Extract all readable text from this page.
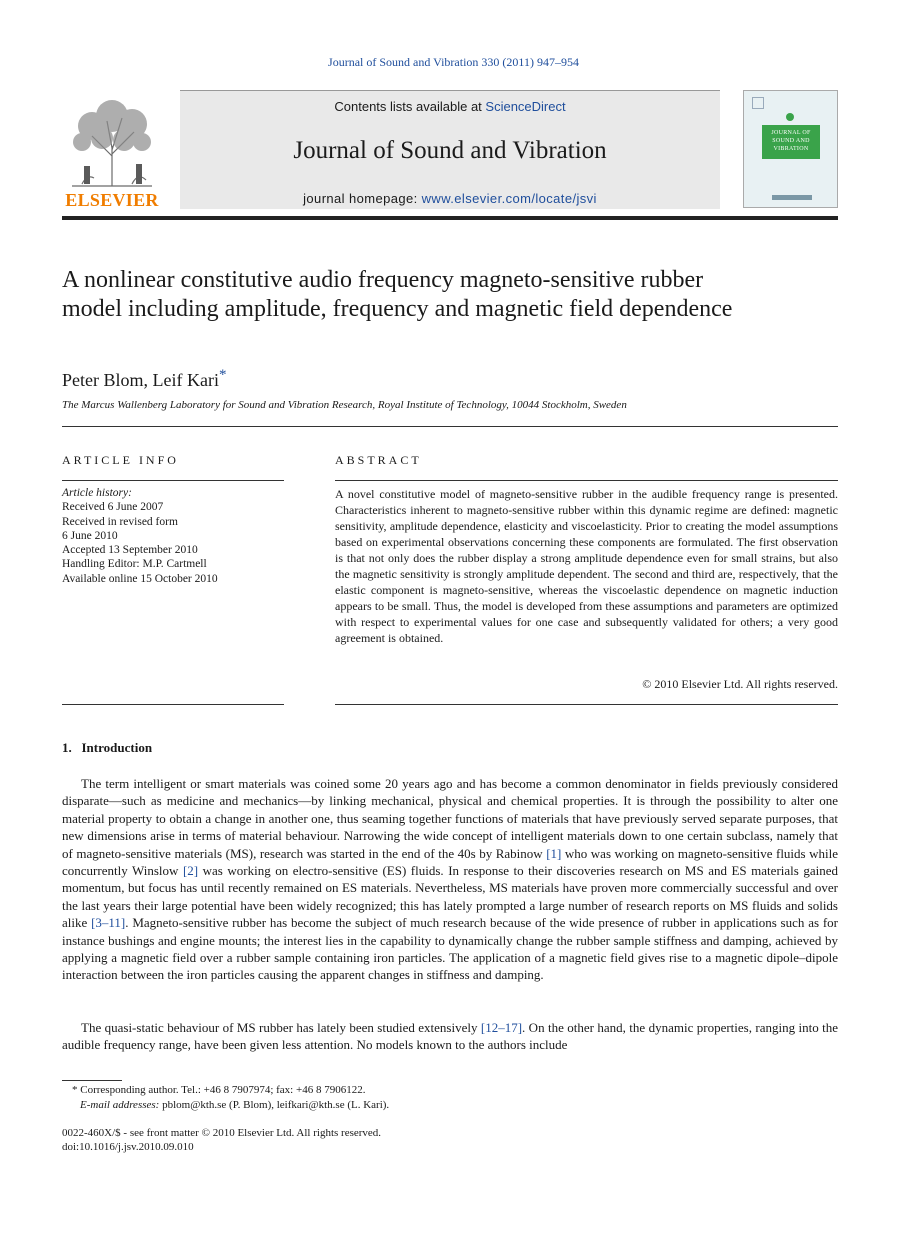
Journal of Sound and Vibration 330 (2011) 947–954
ELSEVIER
Contents lists available at ScienceDirect
Journal of Sound and Vibration
journal homepage: www.elsevier.com/locate/jsvi
JOURNAL OF SOUND AND VIBRATION
A nonlinear constitutive audio frequency magneto-sensitive rubber model including amplitude, frequency and magnetic field dependence
Peter Blom, Leif Kari*
The Marcus Wallenberg Laboratory for Sound and Vibration Research, Royal Institute of Technology, 10044 Stockholm, Sweden
ARTICLE INFO	ABSTRACT
Article history:
Received 6 June 2007
Received in revised form
6 June 2010
Accepted 13 September 2010
Handling Editor: M.P. Cartmell
Available online 15 October 2010
A novel constitutive model of magneto-sensitive rubber in the audible frequency range is presented. Characteristics inherent to magneto-sensitive rubber within this dynamic regime are defined: magnetic sensitivity, amplitude dependence, elasticity and viscoelasticity. Prior to creating the model assumptions based on experimental observations concerning these components are formulated. The first observation is that not only does the rubber display a strong amplitude dependence even for small strains, but also the magnetic sensitivity is strongly amplitude dependent. The second and third are, respectively, that the elastic component is magneto-sensitive, whereas the viscoelastic dependence on magnetic induction appears to be small. Thus, the model is developed from these assumptions and parameters are optimized with respect to experimental values for one case and subsequently validated for others; a very good agreement is obtained.
© 2010 Elsevier Ltd. All rights reserved.
1. Introduction
The term intelligent or smart materials was coined some 20 years ago and has become a common denominator in fields previously considered disparate—such as medicine and mechanics—by linking mechanical, physical and chemical properties. It is through the possibility to alter one material property to obtain a change in another one, thus seaming together functions of materials that have previously served separate purposes, that new dimensions arise in terms of material behaviour. Narrowing the wide concept of intelligent materials down to one certain subclass, namely that of magneto-sensitive materials (MS), research was started in the end of the 40s by Rabinow [1] who was working on magneto-sensitive fluids while concurrently Winslow [2] was working on electro-sensitive (ES) fluids. In response to their discoveries research on MS and ES materials gained momentum, but focus has until recently remained on ES materials. Nevertheless, MS materials have proven more commercially successful and over the last years their large potential have been widely recognized; this has lately prompted a large number of research reports on MS fluids and solids alike [3–11]. Magneto-sensitive rubber has become the subject of much research because of the wide presence of rubber in applications such as for instance bushings and engine mounts; the interest lies in the capability to dynamically change the rubber sample stiffness and damping, achieved by applying a magnetic field over a rubber sample containing iron particles. The application of a magnetic field gives rise to a magnetic dipole–dipole interaction between the iron particles causing the apparent changes in stiffness and damping.
The quasi-static behaviour of MS rubber has lately been studied extensively [12–17]. On the other hand, the dynamic properties, ranging into the audible frequency range, have been given less attention. No models known to the authors include
* Corresponding author. Tel.: +46 8 7907974; fax: +46 8 7906122.
E-mail addresses: pblom@kth.se (P. Blom), leifkari@kth.se (L. Kari).
0022-460X/$ - see front matter © 2010 Elsevier Ltd. All rights reserved.
doi:10.1016/j.jsv.2010.09.010
